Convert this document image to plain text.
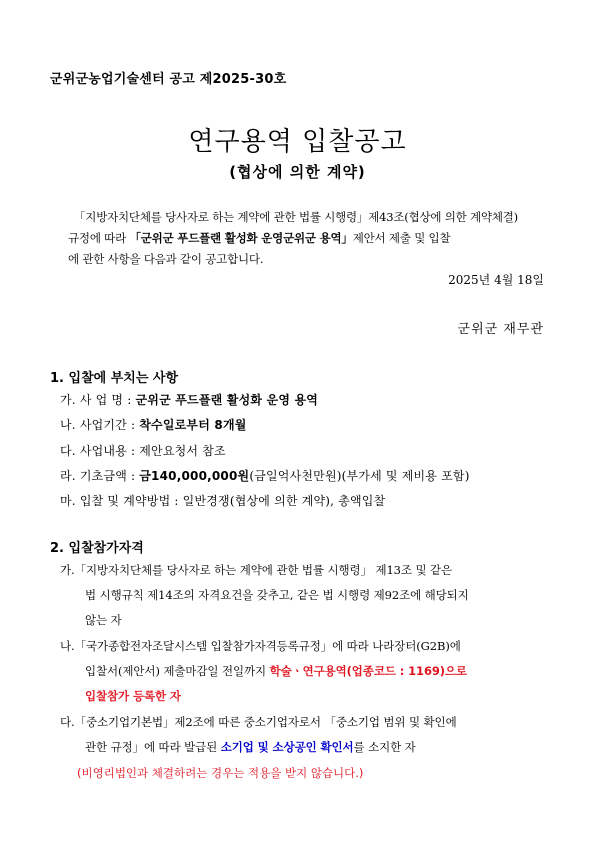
군위군농업기술센터 공고 제2025-30호
연구용역 입찰공고
(협상에 의한 계약)
「지방자치단체를 당사자로 하는 계약에 관한 법률 시행령」제43조(협상에 의한 계약체결)
규정에 따라 「군위군 푸드플랜 활성화 운영군위군 용역」제안서 제출 및 입찰
에 관한 사항을 다음과 같이 공고합니다.
2025년 4월 18일
군위군 재무관
1. 입찰에 부치는 사항
가. 사 업 명 : 군위군 푸드플랜 활성화 운영 용역
나. 사업기간 : 착수일로부터 8개월
다. 사업내용 : 제안요청서 참조
라. 기초금액 : 금140,000,000원(금일억사천만원)(부가세 및 제비용 포함)
마. 입찰 및 계약방법 : 일반경쟁(협상에 의한 계약), 총액입찰
2. 입찰참가자격
가.「지방자치단체를 당사자로 하는 계약에 관한 법률 시행령」 제13조 및 같은
법 시행규칙 제14조의 자격요건을 갖추고, 같은 법 시행령 제92조에 해당되지
않는 자
나.「국가종합전자조달시스템 입찰참가자격등록규정」에 따라 나라장터(G2B)에
입찰서(제안서) 제출마감일 전일까지 학술ㆍ연구용역(업종코드 : 1169)으로
입찰참가 등록한 자
다.「중소기업기본법」제2조에 따른 중소기업자로서 「중소기업 범위 및 확인에
관한 규정」에 따라 발급된 소기업 및 소상공인 확인서를 소지한 자
(비영리법인과 체결하려는 경우는 적용을 받지 않습니다.)
